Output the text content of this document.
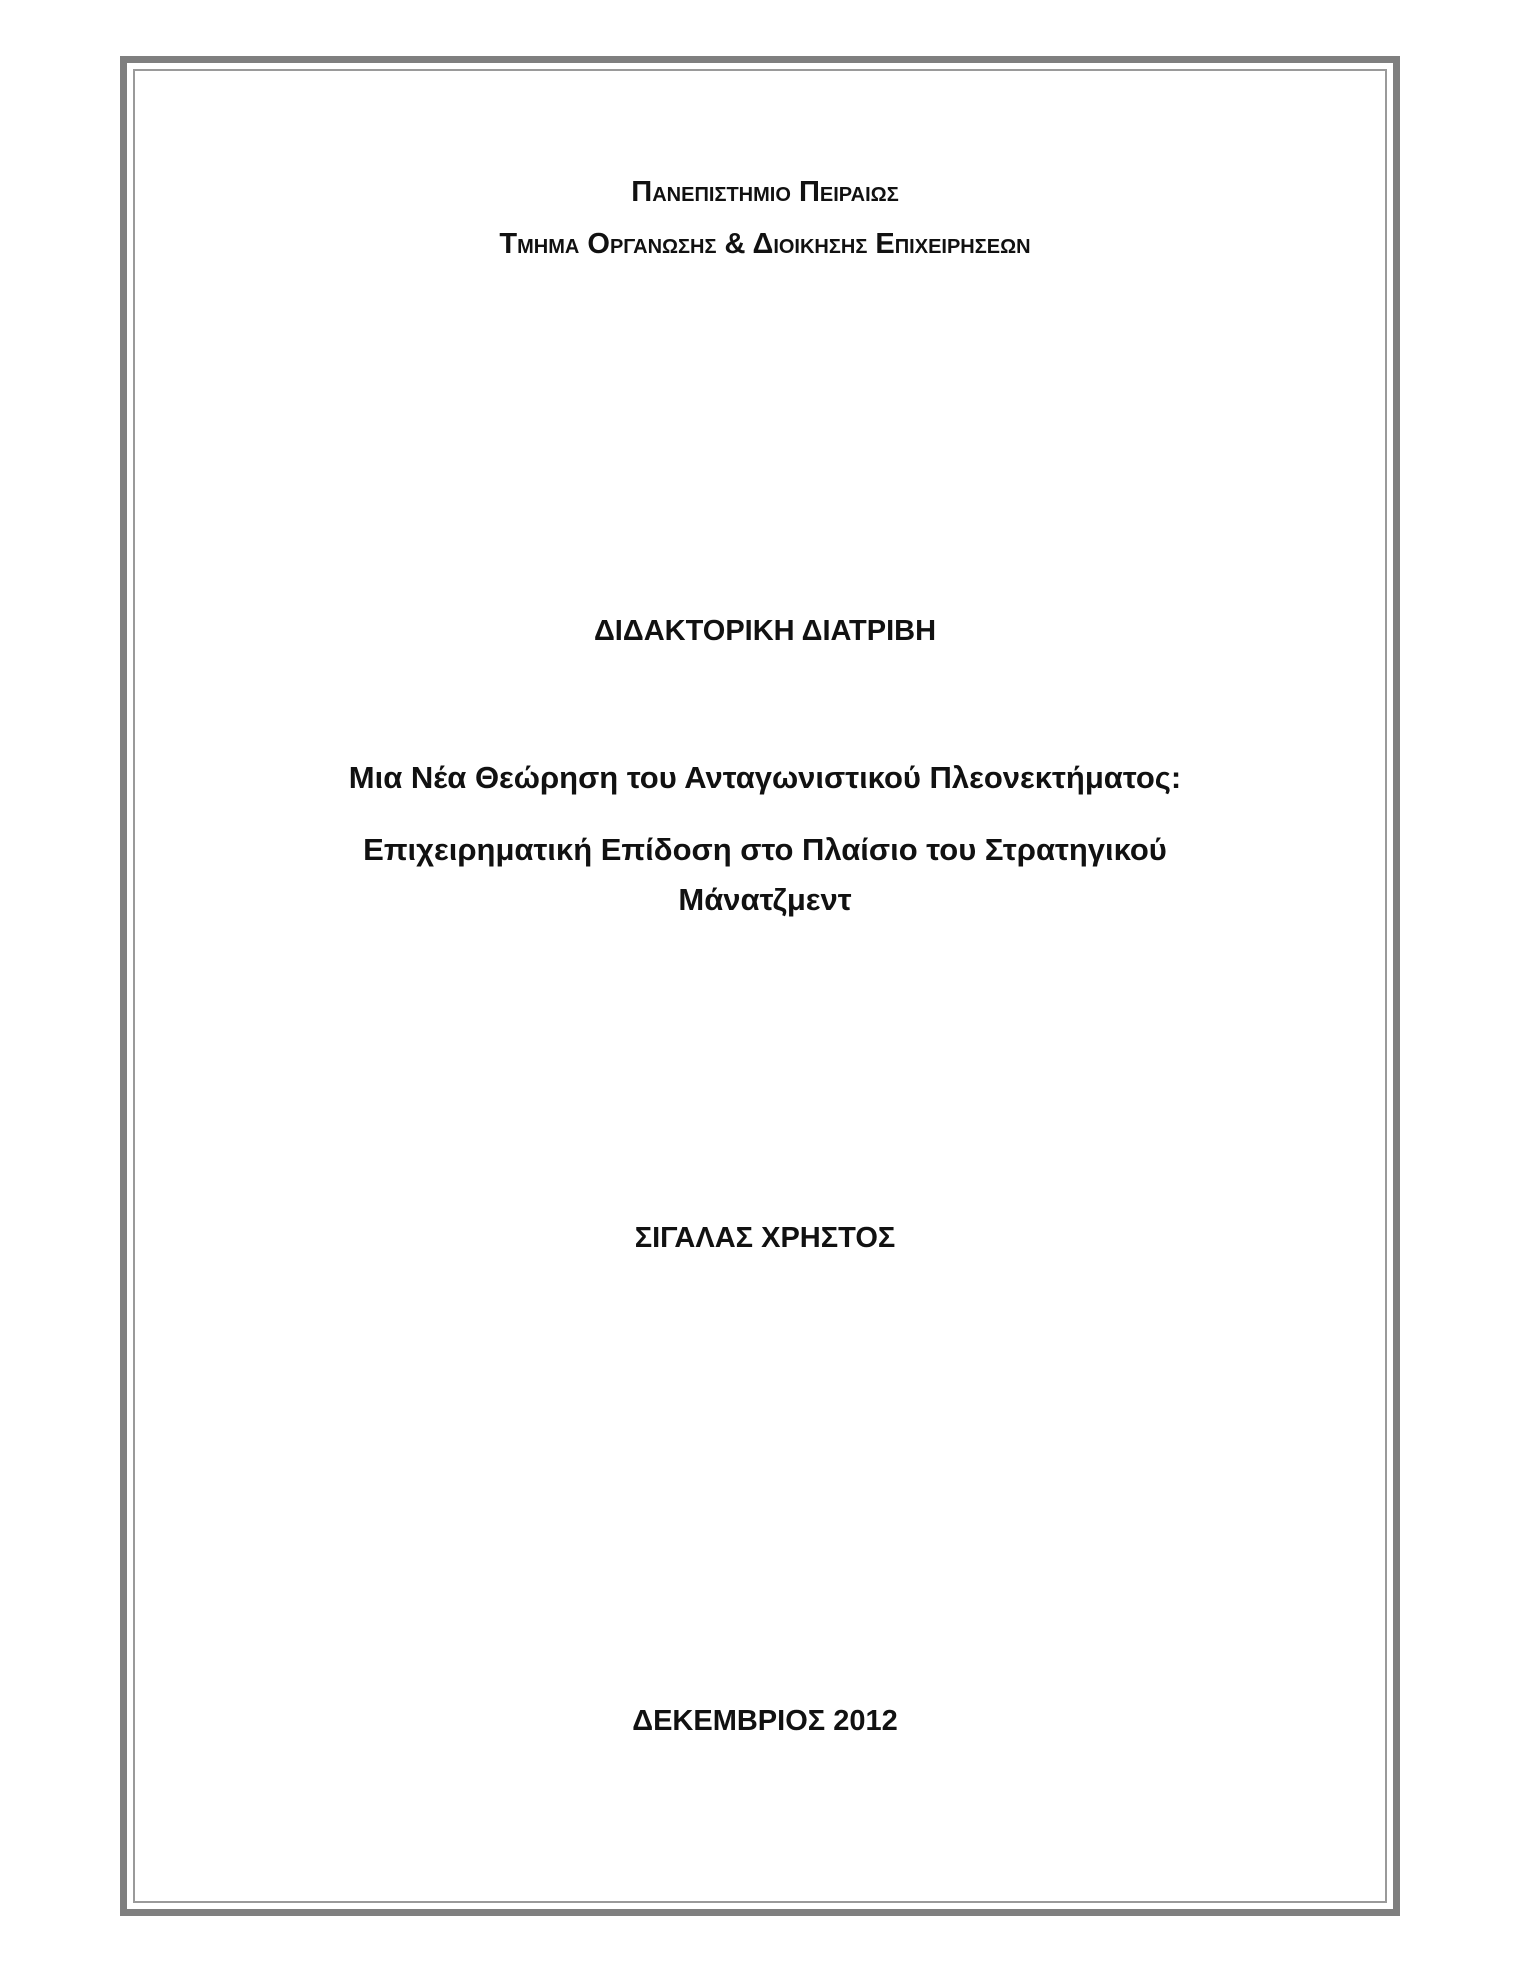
Πανεπιστημιο Πειραιωσ
Τμημα Οργανωσησ & Διοικησησ Επιχειρησεων
ΔΙΔΑΚΤΟΡΙΚΗ ΔΙΑΤΡΙΒΗ
Μια Νέα Θεώρηση του Ανταγωνιστικού Πλεονεκτήματος:
Επιχειρηματική Επίδοση στο Πλαίσιο του Στρατηγικού
Μάνατζμεντ
ΣΙΓΑΛΑΣ ΧΡΗΣΤΟΣ
ΔΕΚΕΜΒΡΙΟΣ 2012
